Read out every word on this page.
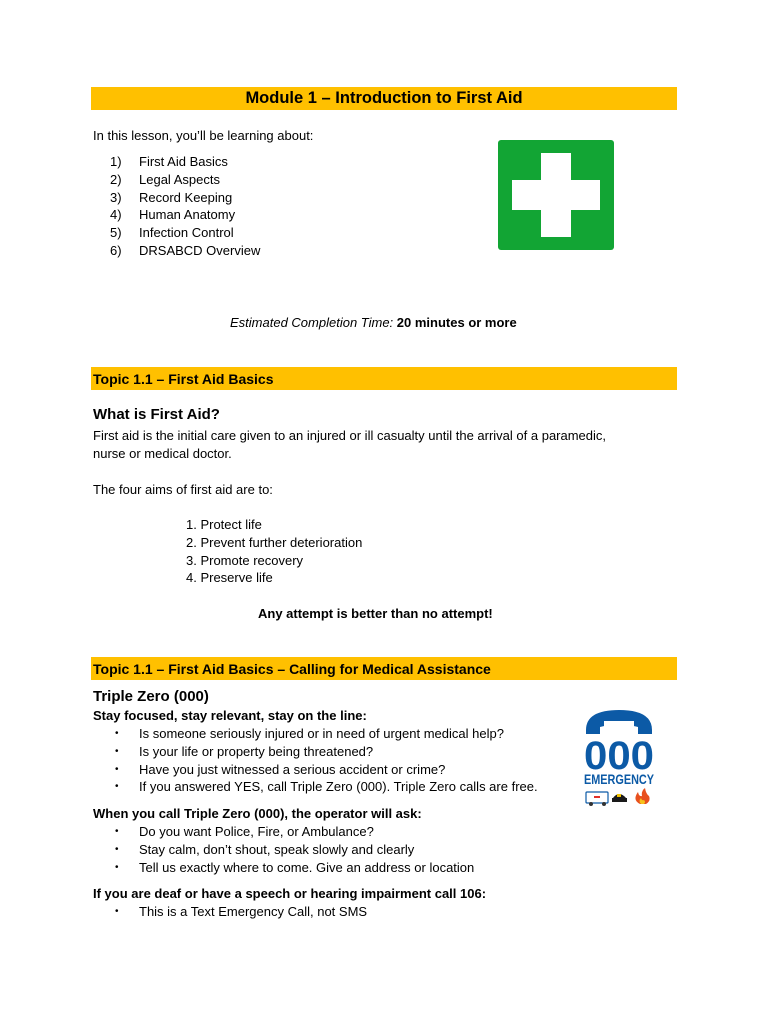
Module 1 – Introduction to First Aid
In this lesson, you’ll be learning about:
1) First Aid Basics
2) Legal Aspects
3) Record Keeping
4) Human Anatomy
5) Infection Control
6) DRSABCD Overview
Estimated Completion Time: 20 minutes or more
Topic 1.1 – First Aid Basics
What is First Aid?
First aid is the initial care given to an injured or ill casualty until the arrival of a paramedic,
nurse or medical doctor.
The four aims of first aid are to:
1. Protect life
2. Prevent further deterioration
3. Promote recovery
4. Preserve life
Any attempt is better than no attempt!
Topic 1.1 – First Aid Basics – Calling for Medical Assistance
Triple Zero (000)
Stay focused, stay relevant, stay on the line:
• Is someone seriously injured or in need of urgent medical help?
• Is your life or property being threatened?
• Have you just witnessed a serious accident or crime?
• If you answered YES, call Triple Zero (000). Triple Zero calls are free.
When you call Triple Zero (000), the operator will ask:
• Do you want Police, Fire, or Ambulance?
• Stay calm, don’t shout, speak slowly and clearly
• Tell us exactly where to come. Give an address or location
If you are deaf or have a speech or hearing impairment call 106:
• This is a Text Emergency Call, not SMS
000
EMERGENCY
